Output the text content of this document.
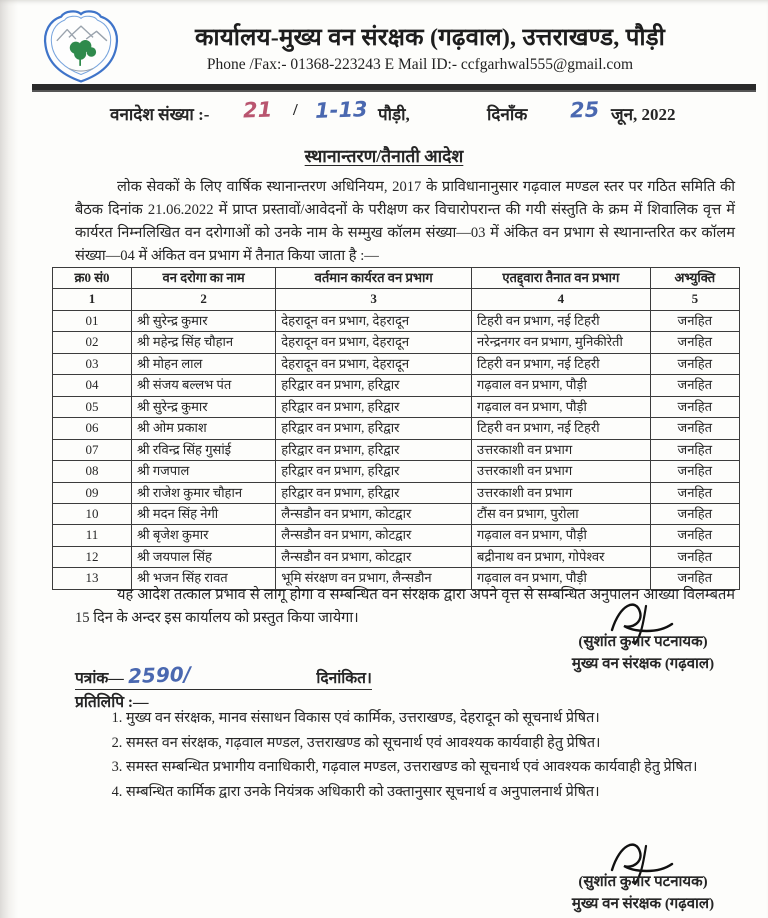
कार्यालय-मुख्य वन संरक्षक (गढ़वाल), उत्तराखण्ड, पौड़ी
Phone /Fax:- 01368-223243 E Mail ID:- ccfgarhwal555@gmail.com
वनादेश संख्या :- 21 / 1-13 पौड़ी,	दिनाँक 25 जून, 2022
स्थानान्तरण/तैनाती आदेश
लोक सेवकों के लिए वार्षिक स्थानान्तरण अधिनियम, 2017 के प्राविधानानुसार गढ़वाल मण्डल स्तर पर गठित समिति की बैठक दिनांक 21.06.2022 में प्राप्त प्रस्तावों/आवेदनों के परीक्षण कर विचारोपरान्त की गयी संस्तुति के क्रम में शिवालिक वृत्त में कार्यरत निम्नलिखित वन दरोगाओं को उनके नाम के सम्मुख कॉलम संख्या—03 में अंकित वन प्रभाग से स्थानान्तरित कर कॉलम संख्या—04 में अंकित वन प्रभाग में तैनात किया जाता है :—
क्र0 सं0	वन दरोगा का नाम	वर्तमान कार्यरत वन प्रभाग	एतद्द्वारा तैनात वन प्रभाग	अभ्युक्ति
1	2	3	4	5
01	श्री सुरेन्द्र कुमार	देहरादून वन प्रभाग, देहरादून	टिहरी वन प्रभाग, नई टिहरी	जनहित
02	श्री महेन्द्र सिंह चौहान	देहरादून वन प्रभाग, देहरादून	नरेन्द्रनगर वन प्रभाग, मुनिकीरेती	जनहित
03	श्री मोहन लाल	देहरादून वन प्रभाग, देहरादून	टिहरी वन प्रभाग, नई टिहरी	जनहित
04	श्री संजय बल्लभ पंत	हरिद्वार वन प्रभाग, हरिद्वार	गढ़वाल वन प्रभाग, पौड़ी	जनहित
05	श्री सुरेन्द्र कुमार	हरिद्वार वन प्रभाग, हरिद्वार	गढ़वाल वन प्रभाग, पौड़ी	जनहित
06	श्री ओम प्रकाश	हरिद्वार वन प्रभाग, हरिद्वार	टिहरी वन प्रभाग, नई टिहरी	जनहित
07	श्री रविन्द्र सिंह गुसांई	हरिद्वार वन प्रभाग, हरिद्वार	उत्तरकाशी वन प्रभाग	जनहित
08	श्री गजपाल	हरिद्वार वन प्रभाग, हरिद्वार	उत्तरकाशी वन प्रभाग	जनहित
09	श्री राजेश कुमार चौहान	हरिद्वार वन प्रभाग, हरिद्वार	उत्तरकाशी वन प्रभाग	जनहित
10	श्री मदन सिंह नेगी	लैन्सडौन वन प्रभाग, कोटद्वार	टौंस वन प्रभाग, पुरोला	जनहित
11	श्री बृजेश कुमार	लैन्सडौन वन प्रभाग, कोटद्वार	गढ़वाल वन प्रभाग, पौड़ी	जनहित
12	श्री जयपाल सिंह	लैन्सडौन वन प्रभाग, कोटद्वार	बद्रीनाथ वन प्रभाग, गोपेश्वर	जनहित
13	श्री भजन सिंह रावत	भूमि संरक्षण वन प्रभाग, लैन्सडौन	गढ़वाल वन प्रभाग, पौड़ी	जनहित
यह आदेश तत्काल प्रभाव से लागू होगा व सम्बन्धित वन संरक्षक द्वारा अपने वृत्त से सम्बन्धित अनुपालन आख्या विलम्बतम 15 दिन के अन्दर इस कार्यालय को प्रस्तुत किया जायेगा।
(सुशांत कुमार पटनायक)
मुख्य वन संरक्षक (गढ़वाल)
पत्रांक— 2590/	दिनांकित।
प्रतिलिपि :—
1. मुख्य वन संरक्षक, मानव संसाधन विकास एवं कार्मिक, उत्तराखण्ड, देहरादून को सूचनार्थ प्रेषित।
2. समस्त वन संरक्षक, गढ़वाल मण्डल, उत्तराखण्ड को सूचनार्थ एवं आवश्यक कार्यवाही हेतु प्रेषित।
3. समस्त सम्बन्धित प्रभागीय वनाधिकारी, गढ़वाल मण्डल, उत्तराखण्ड को सूचनार्थ एवं आवश्यक कार्यवाही हेतु प्रेषित।
4. सम्बन्धित कार्मिक द्वारा उनके नियंत्रक अधिकारी को उक्तानुसार सूचनार्थ व अनुपालनार्थ प्रेषित।
(सुशांत कुमार पटनायक)
मुख्य वन संरक्षक (गढ़वाल)
